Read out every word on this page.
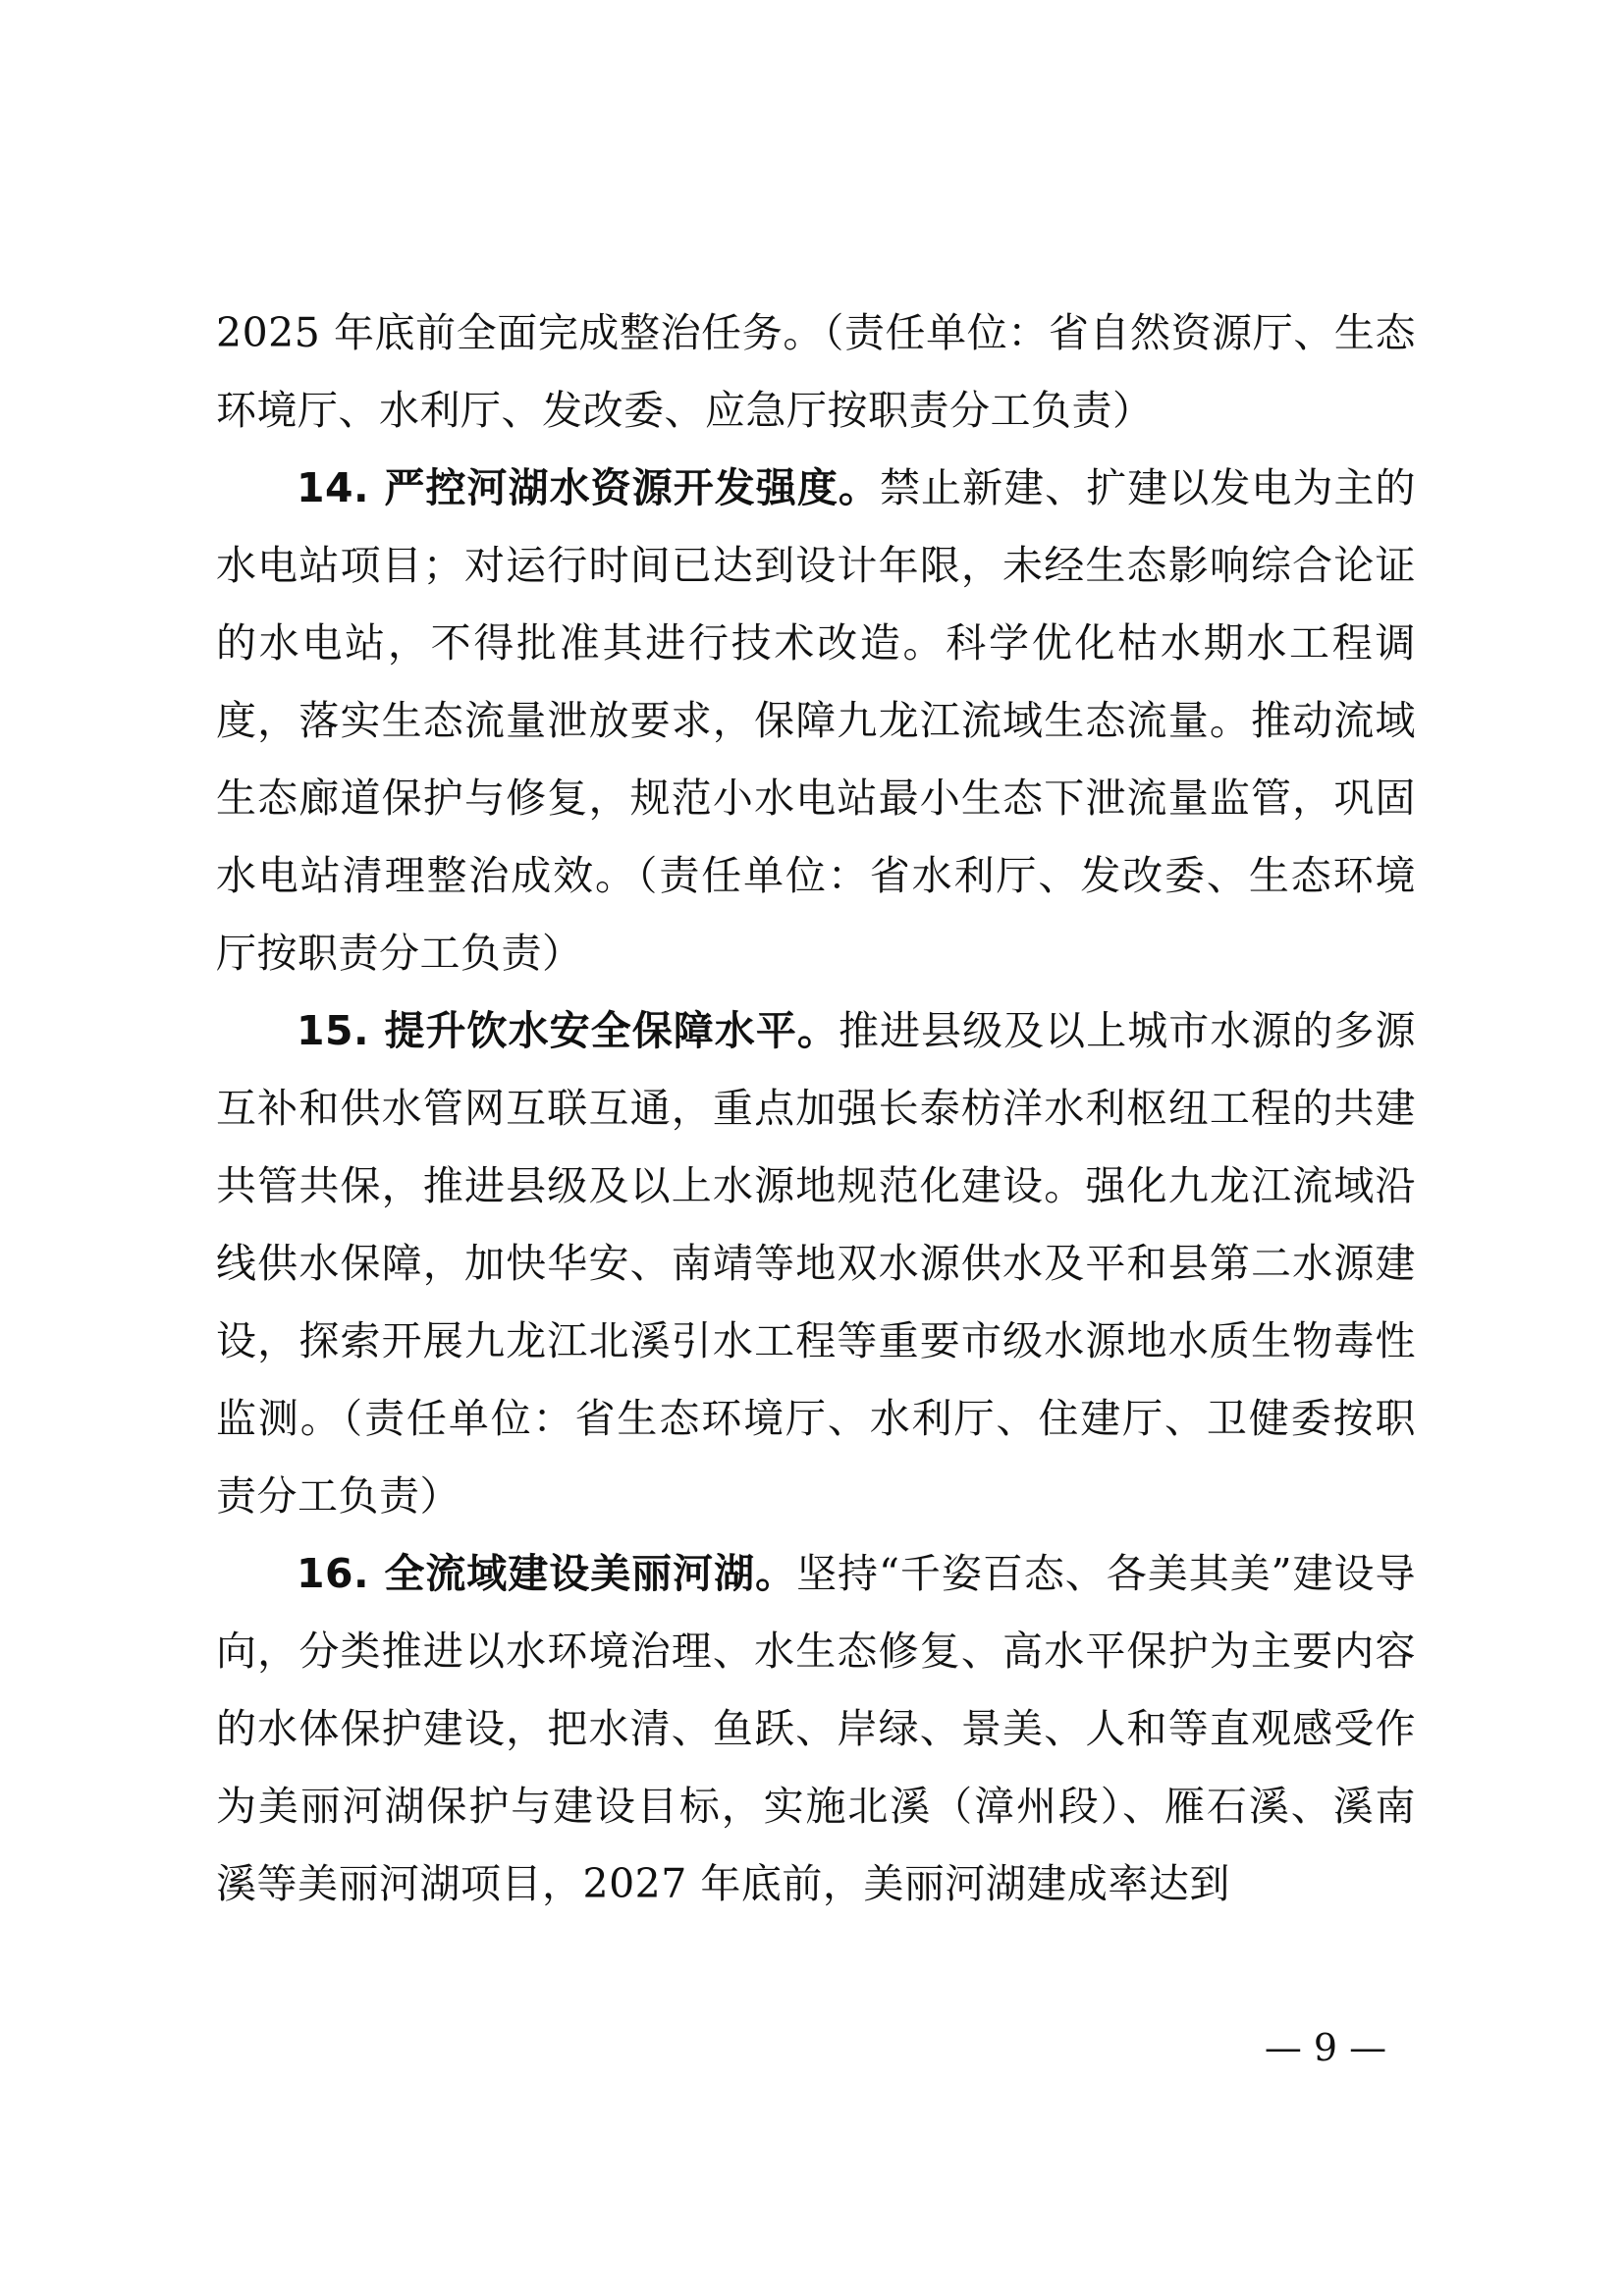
2025 年底前全面完成整治任务。（责任单位：省自然资源厅、生态环境厅、水利厅、发改委、应急厅按职责分工负责）

14. 严控河湖水资源开发强度。禁止新建、扩建以发电为主的水电站项目；对运行时间已达到设计年限，未经生态影响综合论证的水电站，不得批准其进行技术改造。科学优化枯水期水工程调度，落实生态流量泄放要求，保障九龙江流域生态流量。推动流域生态廊道保护与修复，规范小水电站最小生态下泄流量监管，巩固水电站清理整治成效。（责任单位：省水利厅、发改委、生态环境厅按职责分工负责）

15. 提升饮水安全保障水平。推进县级及以上城市水源的多源互补和供水管网互联互通，重点加强长泰枋洋水利枢纽工程的共建共管共保，推进县级及以上水源地规范化建设。强化九龙江流域沿线供水保障，加快华安、南靖等地双水源供水及平和县第二水源建设，探索开展九龙江北溪引水工程等重要市级水源地水质生物毒性监测。（责任单位：省生态环境厅、水利厅、住建厅、卫健委按职责分工负责）

16. 全流域建设美丽河湖。坚持“千姿百态、各美其美”建设导向，分类推进以水环境治理、水生态修复、高水平保护为主要内容的水体保护建设，把水清、鱼跃、岸绿、景美、人和等直观感受作为美丽河湖保护与建设目标，实施北溪（漳州段）、雁石溪、溪南溪等美丽河湖项目，2027 年底前，美丽河湖建成率达到

— 9 —
